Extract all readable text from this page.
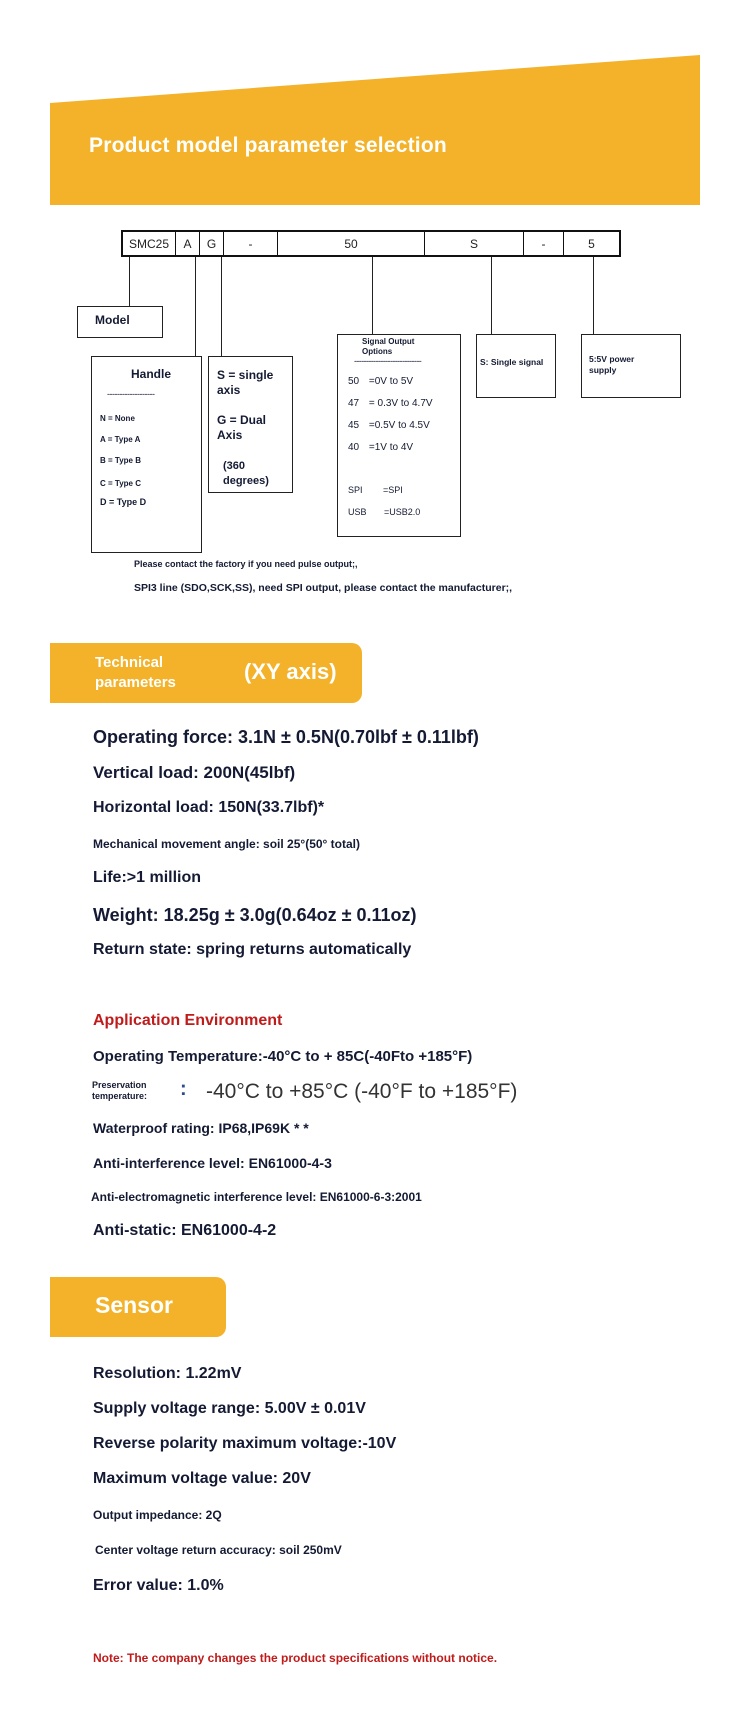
Product model parameter selection
SMC25	A	G	-	50	S	-	5
Model
Handle
-------------------
N = None
A = Type A
B = Type B
C = Type C
D = Type D
S = single axis
G = Dual Axis
(360 degrees)
Signal Output Options
----------------------------
50 =0V to 5V
47 = 0.3V to 4.7V
45 =0.5V to 4.5V
40 =1V to 4V
SPI =SPI
USB =USB2.0
S: Single signal	5:5V power supply
Please contact the factory if you need pulse output;,
SPI3 line (SDO,SCK,SS), need SPI output, please contact the manufacturer;,
Technical parameters	(XY axis)
Operating force: 3.1N ± 0.5N(0.70lbf ± 0.11lbf)
Vertical load: 200N(45lbf)
Horizontal load: 150N(33.7lbf)*
Mechanical movement angle: soil 25°(50° total)
Life:>1 million
Weight: 18.25g ± 3.0g(0.64oz ± 0.11oz)
Return state: spring returns automatically
Application Environment
Operating Temperature:-40°C to + 85C(-40Fto +185°F)
Preservation temperature:	: -40°C to +85°C (-40°F to +185°F)
Waterproof rating: IP68,IP69K * *
Anti-interference level: EN61000-4-3
Anti-electromagnetic interference level: EN61000-6-3:2001
Anti-static: EN61000-4-2
Sensor
Resolution: 1.22mV
Supply voltage range: 5.00V ± 0.01V
Reverse polarity maximum voltage:-10V
Maximum voltage value: 20V
Output impedance: 2Q
Center voltage return accuracy: soil 250mV
Error value: 1.0%
Note: The company changes the product specifications without notice.
